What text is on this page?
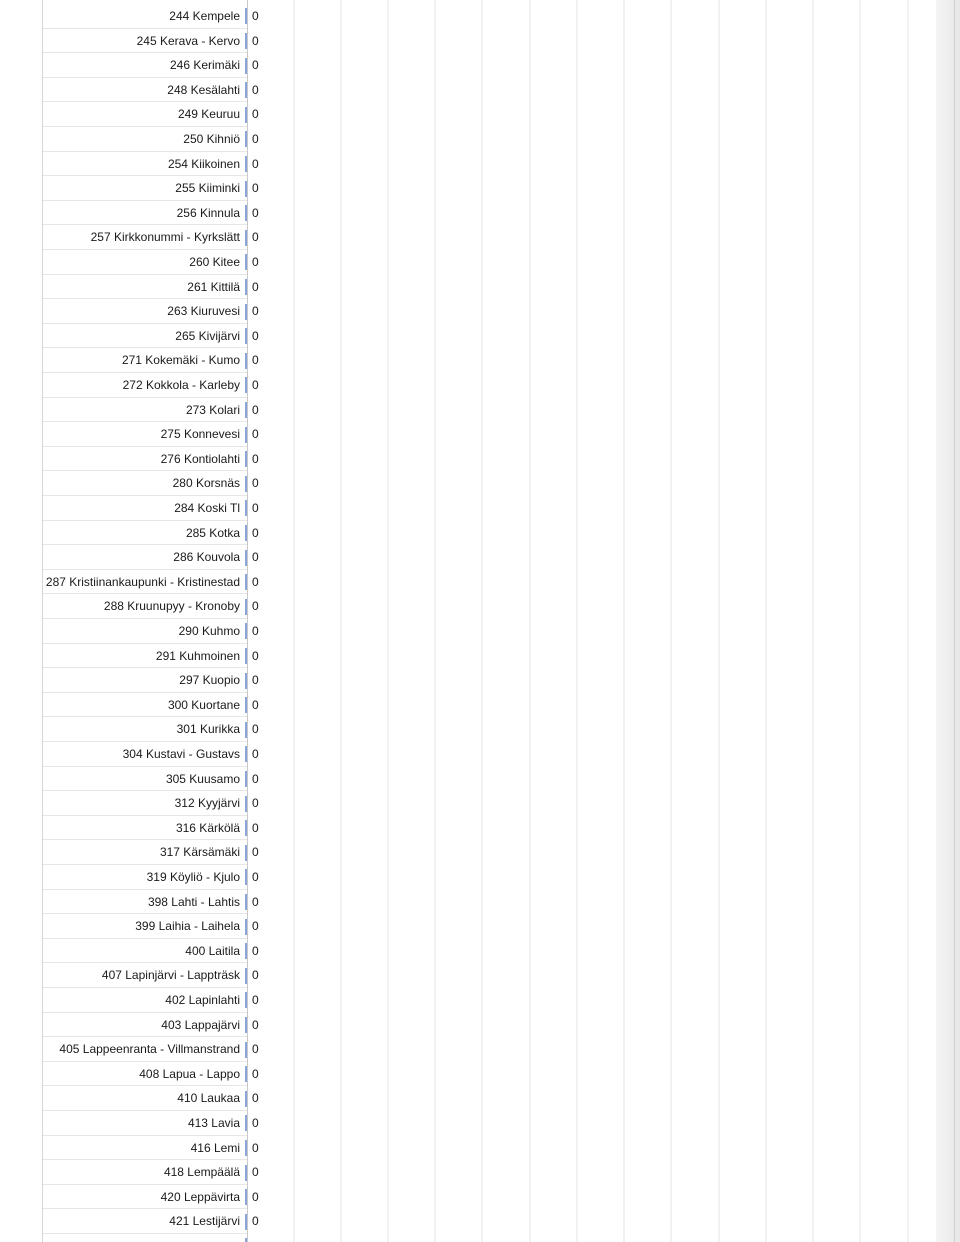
244 Kempele 0
245 Kerava - Kervo 0
246 Kerimäki 0
248 Kesälahti 0
249 Keuruu 0
250 Kihniö 0
254 Kiikoinen 0
255 Kiiminki 0
256 Kinnula 0
257 Kirkkonummi - Kyrkslätt 0
260 Kitee 0
261 Kittilä 0
263 Kiuruvesi 0
265 Kivijärvi 0
271 Kokemäki - Kumo 0
272 Kokkola - Karleby 0
273 Kolari 0
275 Konnevesi 0
276 Kontiolahti 0
280 Korsnäs 0
284 Koski Tl 0
285 Kotka 0
286 Kouvola 0
287 Kristiinankaupunki - Kristinestad 0
288 Kruunupyy - Kronoby 0
290 Kuhmo 0
291 Kuhmoinen 0
297 Kuopio 0
300 Kuortane 0
301 Kurikka 0
304 Kustavi - Gustavs 0
305 Kuusamo 0
312 Kyyjärvi 0
316 Kärkölä 0
317 Kärsämäki 0
319 Köyliö - Kjulo 0
398 Lahti - Lahtis 0
399 Laihia - Laihela 0
400 Laitila 0
407 Lapinjärvi - Lappträsk 0
402 Lapinlahti 0
403 Lappajärvi 0
405 Lappeenranta - Villmanstrand 0
408 Lapua - Lappo 0
410 Laukaa 0
413 Lavia 0
416 Lemi 0
418 Lempäälä 0
420 Leppävirta 0
421 Lestijärvi 0
